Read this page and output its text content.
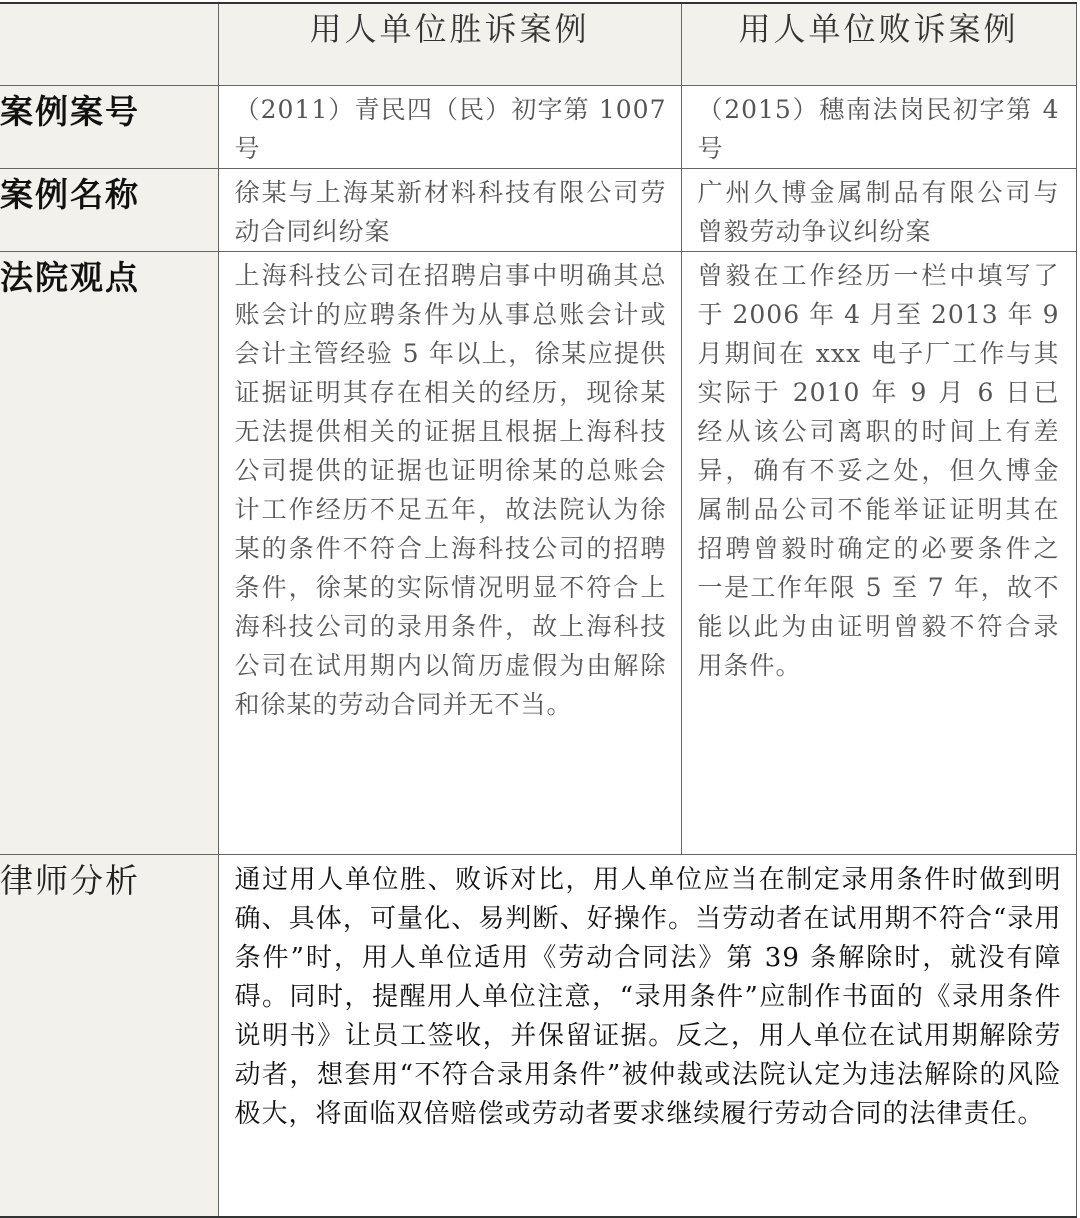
	用人单位胜诉案例	用人单位败诉案例
案例案号	（2011）青民四（民）初字第 1007 号	（2015）穗南法岗民初字第 4 号

案例名称	徐某与上海某新材料科技有限公司劳动合同纠纷案	广州久博金属制品有限公司与曾毅劳动争议纠纷案

法院观点	上海科技公司在招聘启事中明确其总账会计的应聘条件为从事总账会计或会计主管经验 5 年以上，徐某应提供证据证明其存在相关的经历，现徐某无法提供相关的证据且根据上海科技公司提供的证据也证明徐某的总账会计工作经历不足五年，故法院认为徐某的条件不符合上海科技公司的招聘条件，徐某的实际情况明显不符合上海科技公司的录用条件，故上海科技公司在试用期内以简历虚假为由解除和徐某的劳动合同并无不当。	曾毅在工作经历一栏中填写了于 2006 年 4 月至 2013 年 9 月期间在 xxx 电子厂工作与其实际于 2010 年 9 月 6 日已经从该公司离职的时间上有差异，确有不妥之处，但久博金属制品公司不能举证证明其在招聘曾毅时确定的必要条件之一是工作年限 5 至 7 年，故不能以此为由证明曾毅不符合录用条件。

律师分析	通过用人单位胜、败诉对比，用人单位应当在制定录用条件时做到明确、具体，可量化、易判断、好操作。当劳动者在试用期不符合“录用条件”时，用人单位适用《劳动合同法》第 39 条解除时，就没有障碍。同时，提醒用人单位注意，“录用条件”应制作书面的《录用条件说明书》让员工签收，并保留证据。反之，用人单位在试用期解除劳动者，想套用“不符合录用条件”被仲裁或法院认定为违法解除的风险极大，将面临双倍赔偿或劳动者要求继续履行劳动合同的法律责任。	
